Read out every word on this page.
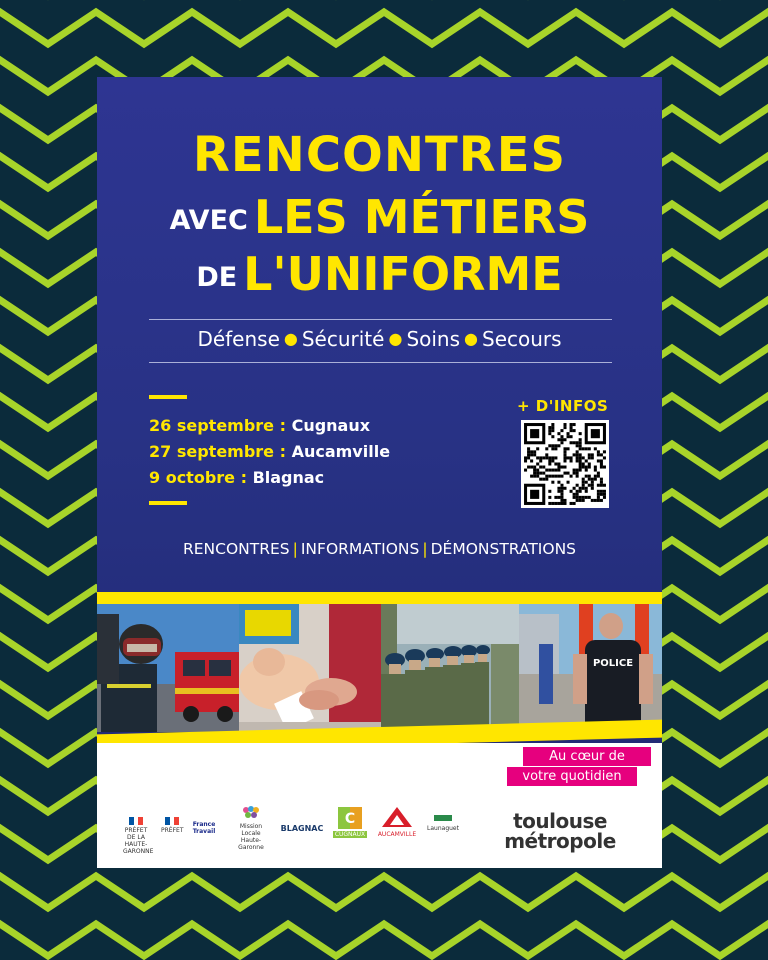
RENCONTRES
AVEC LES MÉTIERS
DE L'UNIFORME
Défense ● Sécurité ● Soins ● Secours
26 septembre : Cugnaux
27 septembre : Aucamville
9 octobre : Blagnac
+ D'INFOS
RENCONTRES | INFORMATIONS | DÉMONSTRATIONS
POLICE
Au cœur de
votre quotidien
PRÉFET DE LA HAUTE-GARONNE
PRÉFET
France Travail
Mission Locale Haute-Garonne
BLAGNAC
C
CUGNAUX	AUCAMVILLE
Launaguet	toulouse
métropole
